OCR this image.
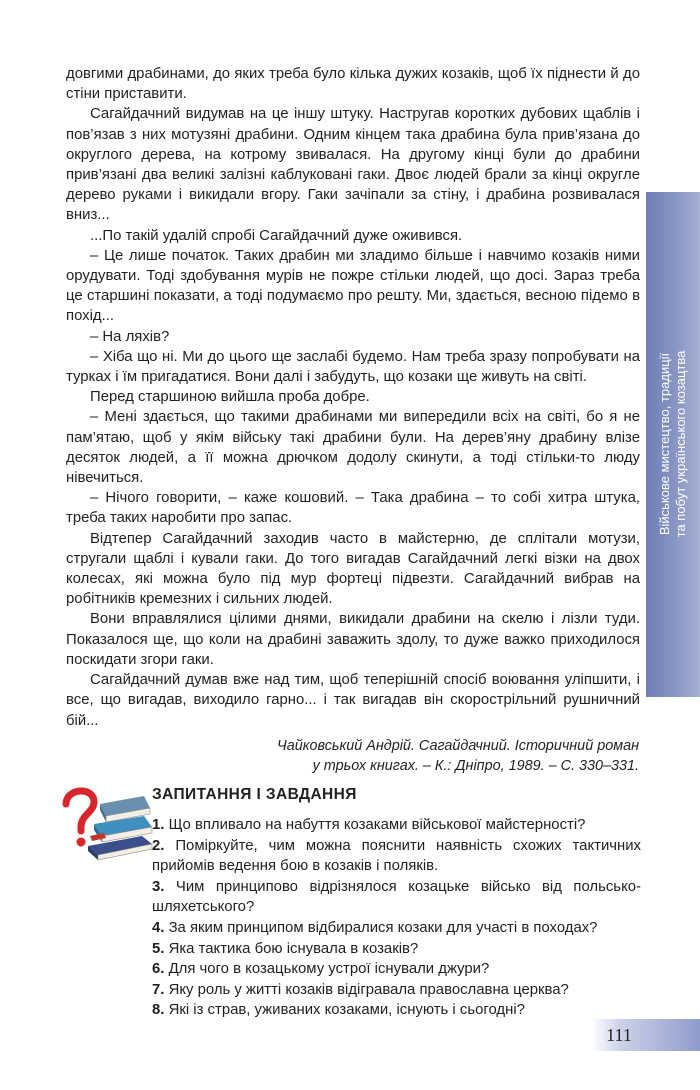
довгими драбинами, до яких треба було кілька дужих козаків, щоб їх піднести й до стіни приставити.

Сагайдачний видумав на це іншу штуку. Настругав коротких дубових щаблів і пов’язав з них мотузяні драбини. Одним кінцем така драбина була прив’язана до округлого дерева, на котрому звивалася. На другому кінці були до драбини прив’язані два великі залізні каблуковані гаки. Двоє людей брали за кінці округле дерево руками і викидали вгору. Гаки зачіпали за стіну, і драбина розвивалася вниз...

...По такій удалій спробі Сагайдачний дуже оживився.

– Це лише початок. Таких драбин ми зладимо більше і навчимо козаків ними орудувати. Тоді здобування мурів не пожре стільки людей, що досі. Зараз треба це старшині показати, а тоді подумаємо про решту. Ми, здається, весною підемо в похід...

– На ляхів?

– Хіба що ні. Ми до цього ще заслабі будемо. Нам треба зразу попробувати на турках і їм пригадатися. Вони далі і забудуть, що козаки ще живуть на світі.

Перед старшиною вийшла проба добре.

– Мені здається, що такими драбинами ми випередили всіх на світі, бо я не пам’ятаю, щоб у якім війську такі драбини були. На дерев’яну драбину влізе десяток людей, а її можна дрючком додолу скинути, а тоді стільки-то люду нівечиться.

– Нічого говорити, – каже кошовий. – Така драбина – то собі хитра штука, треба таких наробити про запас.

Відтепер Сагайдачний заходив часто в майстерню, де сплітали мотузи, стругали щаблі і кували гаки. До того вигадав Сагайдачний легкі візки на двох колесах, які можна було під мур фортеці підвезти. Сагайдачний вибрав на робітників кремезних і сильних людей.

Вони вправлялися цілими днями, викидали драбини на скелю і лізли туди. Показалося ще, що коли на драбині заважить здолу, то дуже важко приходилося поскидати згори гаки.

Сагайдачний думав вже над тим, щоб теперішній спосіб воювання уліпшити, і все, що вигадав, виходило гарно... і так вигадав він скорострільний рушничний бій...

Чайковський Андрій. Сагайдачний. Історичний роман
у трьох книгах. – К.: Дніпро, 1989. – С. 330–331.
ЗАПИТАННЯ І ЗАВДАННЯ
1. Що впливало на набуття козаками військової майстерності?
2. Поміркуйте, чим можна пояснити наявність схожих тактичних прийомів ведення бою в козаків і поляків.
3. Чим принципово відрізнялося козацьке військо від польсько-шляхетського?
4. За яким принципом відбиралися козаки для участі в походах?
5. Яка тактика бою існувала в козаків?
6. Для чого в козацькому устрої існували джури?
7. Яку роль у житті козаків відігравала православна церква?
8. Які із страв, уживаних козаками, існують і сьогодні?
Військове мистецтво, традиції та побут українського козацтва
111
